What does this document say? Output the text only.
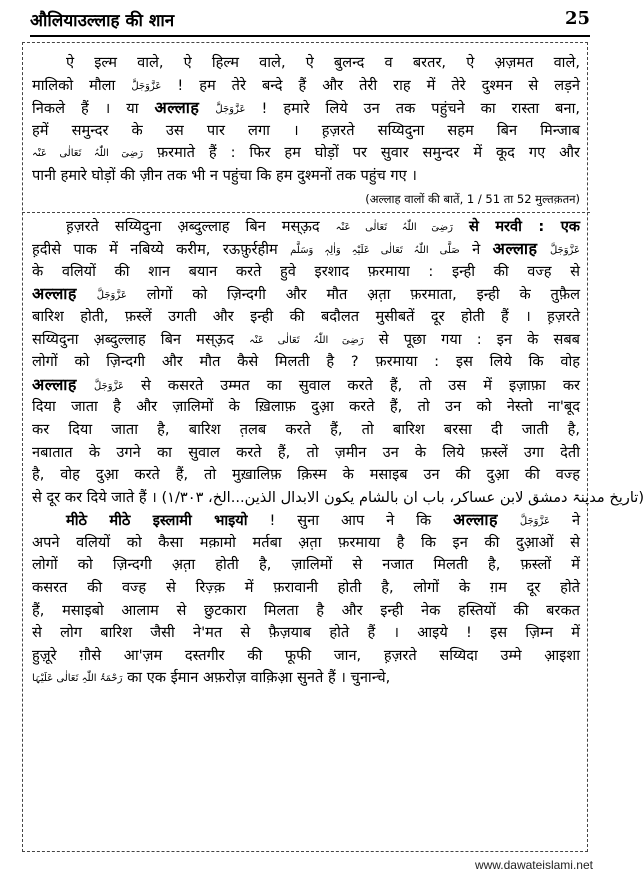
औलियाउल्लाह की शान	25
ऐ इल्म वाले, ऐ हिल्म वाले, ऐ बुलन्द व बरतर, ऐ अ़ज़मत वाले,
मालिको मौला عَزَّوَجَلَّ ! हम तेरे बन्दे हैं और तेरी राह में तेरे दुश्मन से लड़ने
निकले हैं । या अल्लाह عَزَّوَجَلَّ ! हमारे लिये उन तक पहुंचने का रास्ता बना,
हमें समुन्दर के उस पार लगा । ह़ज़रते सय्यिदुना सहम बिन मिन्जाब
رَضِیَ اللّٰہُ تَعَالٰی عَنْہ फ़रमाते हैं : फिर हम घोड़ों पर सुवार समुन्दर में कूद गए और
पानी हमारे घोड़ों की ज़ीन तक भी न पहुंचा कि हम दुश्मनों तक पहुंच गए ।
(अल्लाह वालों की बातें, 1 / 51 ता 52 मुल्तक़तन)
ह़ज़रते सय्यिदुना अ़ब्दुल्लाह बिन मस्ऊ़द رَضِیَ اللّٰہُ تَعَالٰی عَنْہ से मरवी : एक
ह़दीसे पाक में नबिय्ये करीम, रऊफ़ुर्रहीम صَلَّی اللّٰہُ تَعَالٰی عَلَیْہِ وَاٰلِہٖ وَسَلَّم ने अल्लाह عَزَّوَجَلَّ
के वलियों की शान बयान करते हुवे इरशाद फ़रमाया : इन्ही की वज्ह से
अल्लाह عَزَّوَجَلَّ लोगों को ज़िन्दगी और मौत अ़त़ा फ़रमाता, इन्ही के तुफ़ैल
बारिश होती, फ़स्लें उगती और इन्ही की बदौलत मुसीबतें दूर होती हैं । ह़ज़रते
सय्यिदुना अ़ब्दुल्लाह बिन मस्ऊ़द رَضِیَ اللّٰہُ تَعَالٰی عَنْہ से पूछा गया : इन के सबब
लोगों को ज़िन्दगी और मौत कैसे मिलती है ? फ़रमाया : इस लिये कि वोह
अल्लाह عَزَّوَجَلَّ से कसरते उम्मत का सुवाल करते हैं, तो उस में इज़ाफ़ा कर
दिया जाता है और ज़ालिमों के ख़िलाफ़ दुआ़ करते हैं, तो उन को नेस्तो ना'बूद
कर दिया जाता है, बारिश त़लब करते हैं, तो बारिश बरसा दी जाती है,
नबातात के उगने का सुवाल करते हैं, तो ज़मीन उन के लिये फ़स्लें उगा देती
है, वोह दुआ़ करते हैं, तो मुख़ालिफ़ क़िस्म के मसाइब उन की दुआ़ की वज्ह
से दूर कर दिये जाते हैं । (تاریخ مدینۃ دمشق لابن عساکر، باب ان بالشام یکون الابدال الذین...الخ، ۱/۳۰۳)
मीठे मीठे इस्लामी भाइयो ! सुना आप ने कि अल्लाह عَزَّوَجَلَّ ने
अपने वलियों को कैसा मक़ामो मर्तबा अ़त़ा फ़रमाया है कि इन की दुआ़ओं से
लोगों को ज़िन्दगी अ़त़ा होती है, ज़ालिमों से नजात मिलती है, फ़स्लों में
कसरत की वज्ह से रिज़्क़ में फ़रावानी होती है, लोगों के ग़म दूर होते
हैं, मसाइबो आलाम से छुटकारा मिलता है और इन्ही नेक हस्तियों की बरकत
से लोग बारिश जैसी ने'मत से फ़ैज़याब होते हैं । आइये ! इस ज़िम्न में
हुज़ूरे ग़ौसे आ'ज़म दस्तगीर की फूफी जान, ह़ज़रते सय्यिदा उम्मे आ़इशा
رَحْمَۃُ اللّٰہِ تَعَالٰی عَلَیْہَا का एक ईमान अफ़रोज़ वाक़िआ़ सुनते हैं । चुनान्चे,
www.dawateislami.net
